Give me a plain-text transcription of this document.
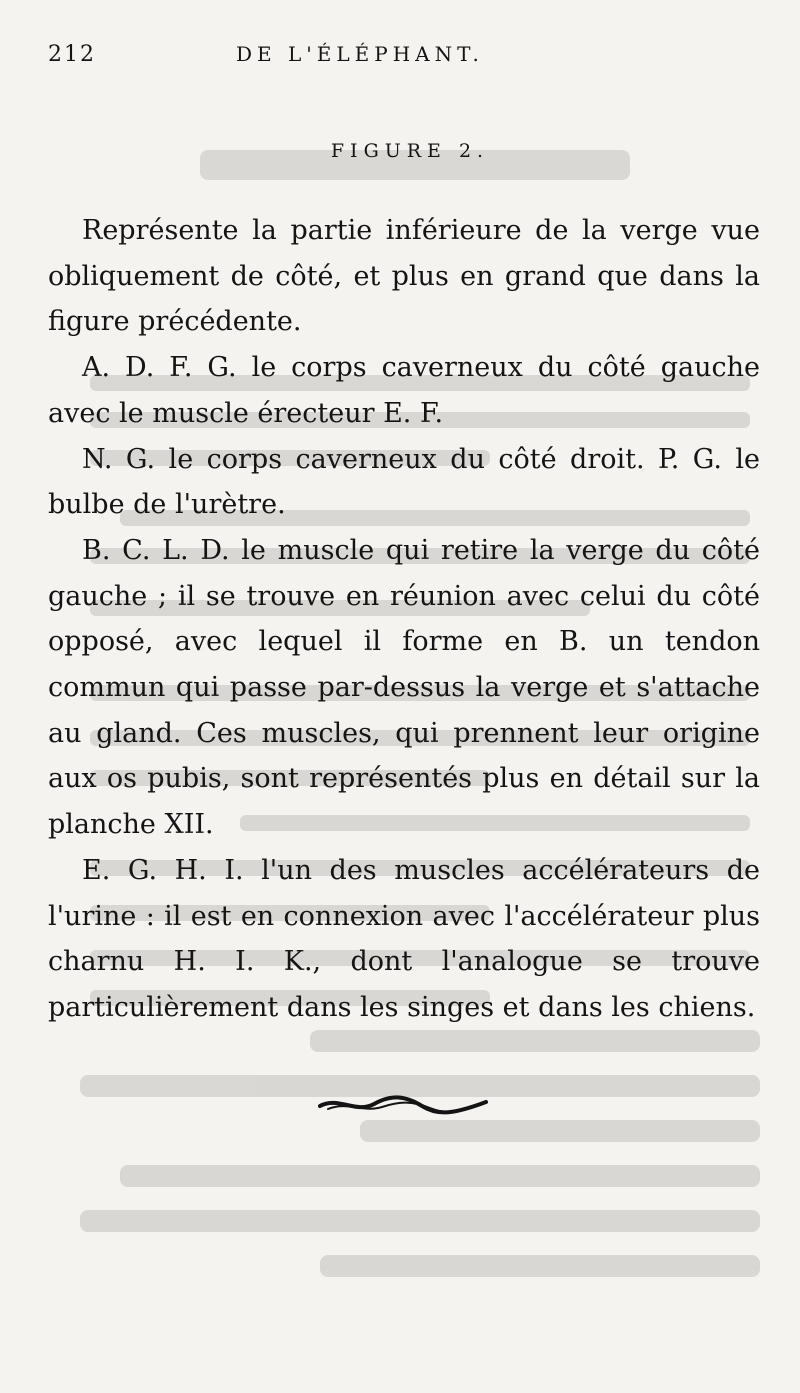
212	DE L'ÉLÉPHANT.
FIGURE 2.

Représente la partie inférieure de la verge vue obliquement de côté, et plus en grand que dans la figure précédente.

A. D. F. G. le corps caverneux du côté gauche avec le muscle érecteur E. F.

N. G. le corps caverneux du côté droit. P. G. le bulbe de l'urètre.

B. C. L. D. le muscle qui retire la verge du côté gauche ; il se trouve en réunion avec celui du côté opposé, avec lequel il forme en B. un tendon commun qui passe par-dessus la verge et s'attache au gland. Ces muscles, qui prennent leur origine aux os pubis, sont représentés plus en détail sur la planche XII.

E. G. H. I. l'un des muscles accélérateurs de l'urine : il est en connexion avec l'accélérateur plus charnu H. I. K., dont l'analogue se trouve particulièrement dans les singes et dans les chiens.
